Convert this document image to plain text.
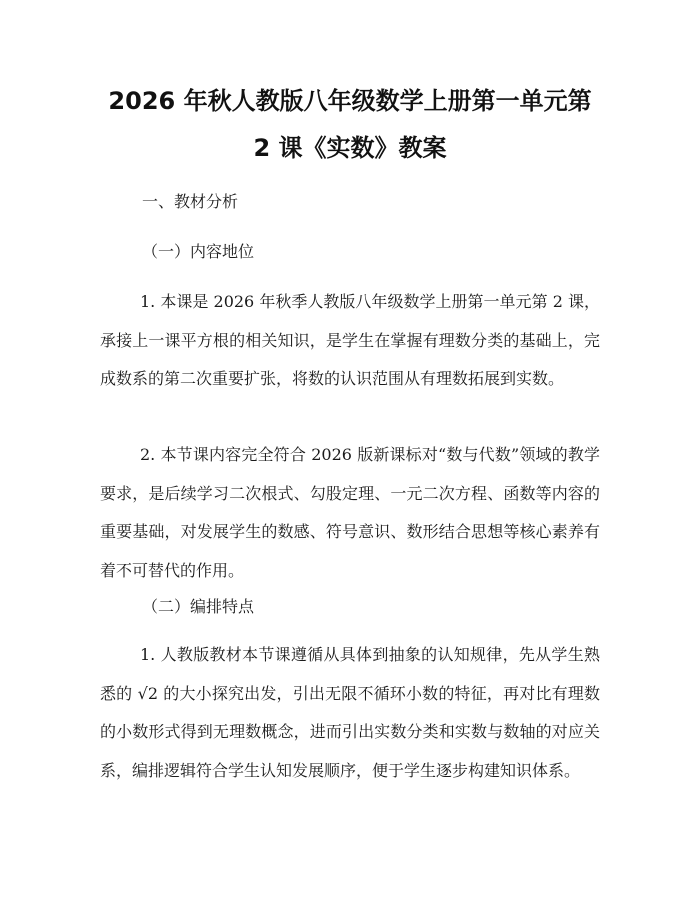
2026 年秋人教版八年级数学上册第一单元第
2 课《实数》教案
一、教材分析
（一）内容地位

1. 本课是 2026 年秋季人教版八年级数学上册第一单元第 2 课，承接上一课平方根的相关知识，是学生在掌握有理数分类的基础上，完成数系的第二次重要扩张，将数的认识范围从有理数拓展到实数。

2. 本节课内容完全符合 2026 版新课标对“数与代数”领域的教学要求，是后续学习二次根式、勾股定理、一元二次方程、函数等内容的重要基础，对发展学生的数感、符号意识、数形结合思想等核心素养有着不可替代的作用。

（二）编排特点

1. 人教版教材本节课遵循从具体到抽象的认知规律，先从学生熟悉的 √2 的大小探究出发，引出无限不循环小数的特征，再对比有理数的小数形式得到无理数概念，进而引出实数分类和实数与数轴的对应关系，编排逻辑符合学生认知发展顺序，便于学生逐步构建知识体系。
